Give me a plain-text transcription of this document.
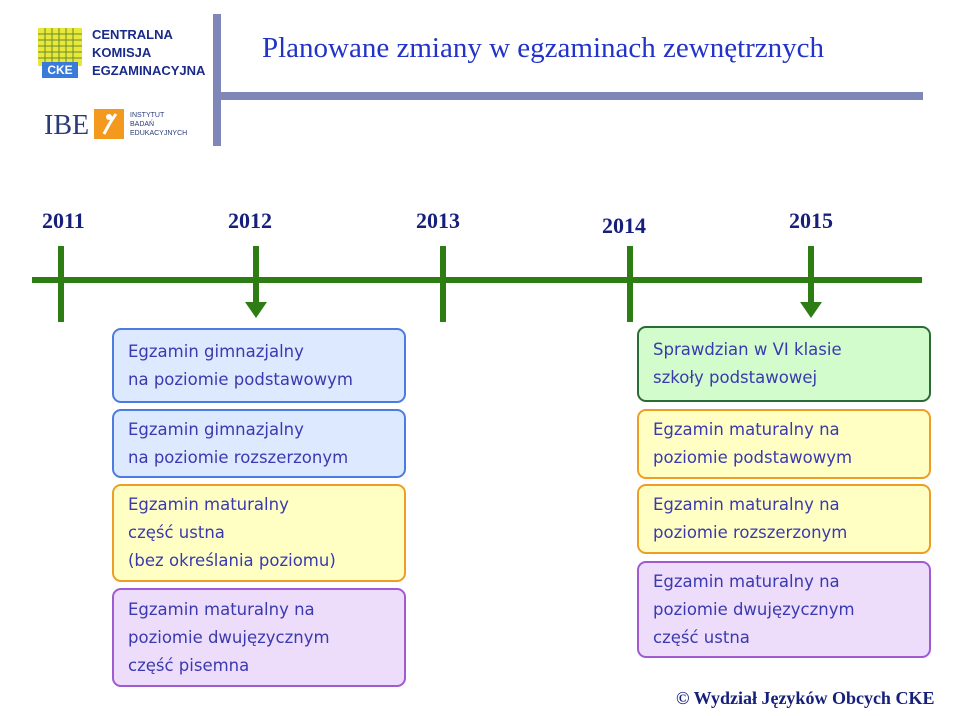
CKE
CENTRALNA
KOMISJA
EGZAMINACYJNA
Planowane zmiany w egzaminach zewnętrznych
IBE	INSTYTUT
BADAŃ
EDUKACYJNYCH
2011	2012	2013	2014	2015
Egzamin gimnazjalny
na poziomie podstawowym
Egzamin gimnazjalny
na poziomie rozszerzonym
Egzamin maturalny
część ustna
(bez określania poziomu)
Egzamin maturalny na
poziomie dwujęzycznym
część pisemna
Sprawdzian w VI klasie
szkoły podstawowej
Egzamin maturalny na
poziomie podstawowym
Egzamin maturalny na
poziomie rozszerzonym
Egzamin maturalny na
poziomie dwujęzycznym
część ustna
© Wydział Języków Obcych CKE
